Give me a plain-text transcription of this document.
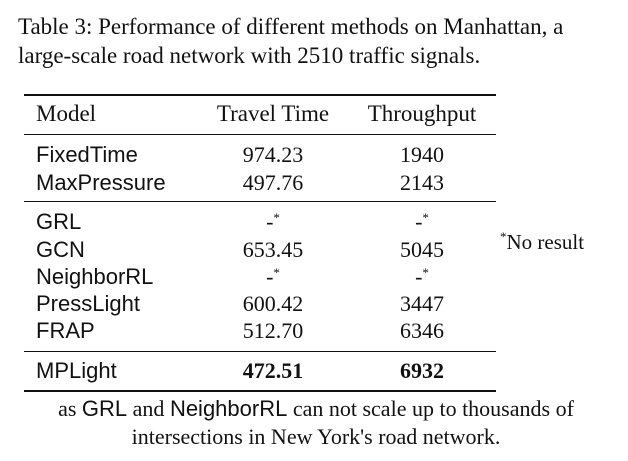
Table 3: Performance of different methods on Manhattan, a large-scale road network with 2510 traffic signals.
Model	Travel Time	Throughput
FixedTime	974.23	1940
MaxPressure	497.76	2143
GRL	-*	-*
GCN	653.45	5045
NeighborRL	-*	-*
PressLight	600.42	3447
FRAP	512.70	6346
MPLight	472.51	6932
*No result
as GRL and NeighborRL can not scale up to thousands of intersections in New York's road network.
